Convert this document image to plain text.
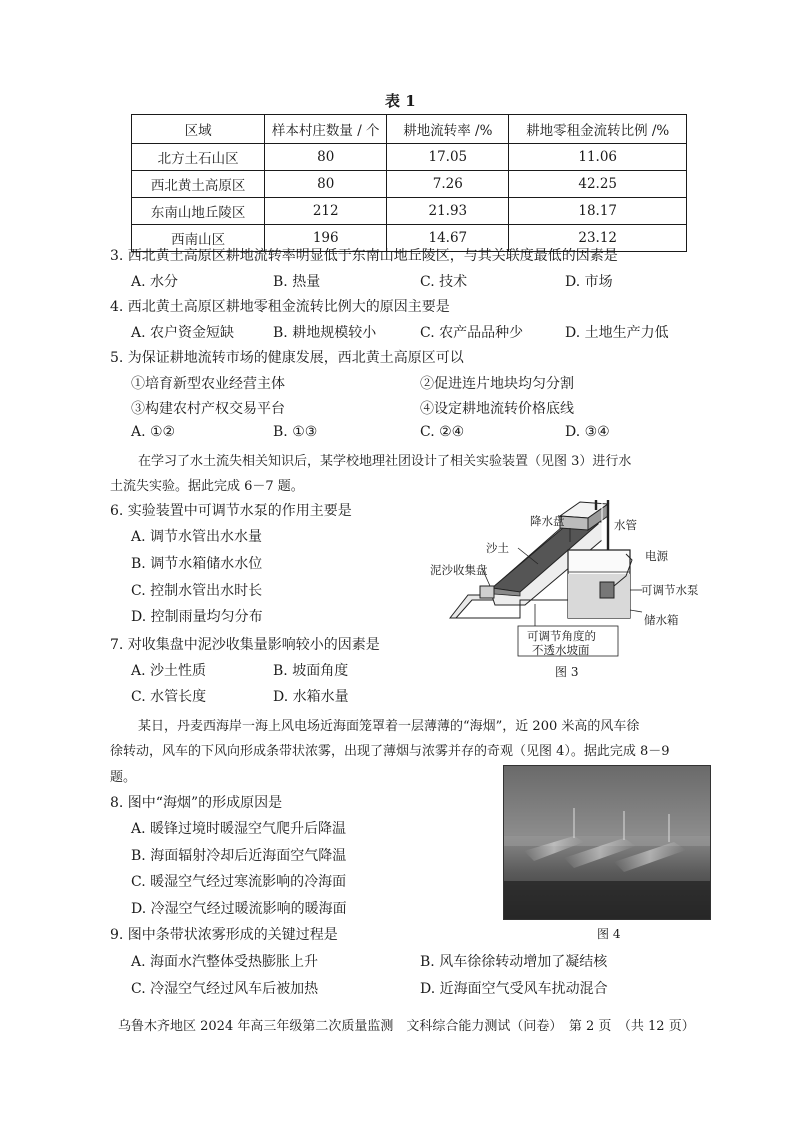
表 1
区域	样本村庄数量 / 个	耕地流转率 /%	耕地零租金流转比例 /%
北方土石山区	80	17.05	11.06
西北黄土高原区	80	7.26	42.25
东南山地丘陵区	212	21.93	18.17
西南山区	196	14.67	23.12
3. 西北黄土高原区耕地流转率明显低于东南山地丘陵区，与其关联度最低的因素是
A. 水分	B. 热量	C. 技术	D. 市场
4. 西北黄土高原区耕地零租金流转比例大的原因主要是
A. 农户资金短缺	B. 耕地规模较小	C. 农产品品种少	D. 土地生产力低
5. 为保证耕地流转市场的健康发展，西北黄土高原区可以
①培育新型农业经营主体	②促进连片地块均匀分割
③构建农村产权交易平台	④设定耕地流转价格底线
A. ①②	B. ①③	C. ②④	D. ③④
在学习了水土流失相关知识后，某学校地理社团设计了相关实验装置（见图 3）进行水
土流失实验。据此完成 6－7 题。
6. 实验装置中可调节水泵的作用主要是
A. 调节水管出水水量
B. 调节水箱储水水位
C. 控制水管出水时长
D. 控制雨量均匀分布
降水盘	水管
沙土
电源
泥沙收集盘
可调节水泵
储水箱
可调节角度的
不透水坡面
图 3
7. 对收集盘中泥沙收集量影响较小的因素是
A. 沙土性质	B. 坡面角度
C. 水管长度	D. 水箱水量
某日，丹麦西海岸一海上风电场近海面笼罩着一层薄薄的“海烟”，近 200 米高的风车徐
徐转动，风车的下风向形成条带状浓雾，出现了薄烟与浓雾并存的奇观（见图 4）。据此完成 8－9
题。
图 4
8. 图中“海烟”的形成原因是
A. 暖锋过境时暖湿空气爬升后降温
B. 海面辐射冷却后近海面空气降温
C. 暖湿空气经过寒流影响的冷海面
D. 冷湿空气经过暖流影响的暖海面
9. 图中条带状浓雾形成的关键过程是
A. 海面水汽整体受热膨胀上升	B. 风车徐徐转动增加了凝结核
C. 冷湿空气经过风车后被加热	D. 近海面空气受风车扰动混合
乌鲁木齐地区 2024 年高三年级第二次质量监测　文科综合能力测试（问卷）　第 2 页　（共 12 页）
